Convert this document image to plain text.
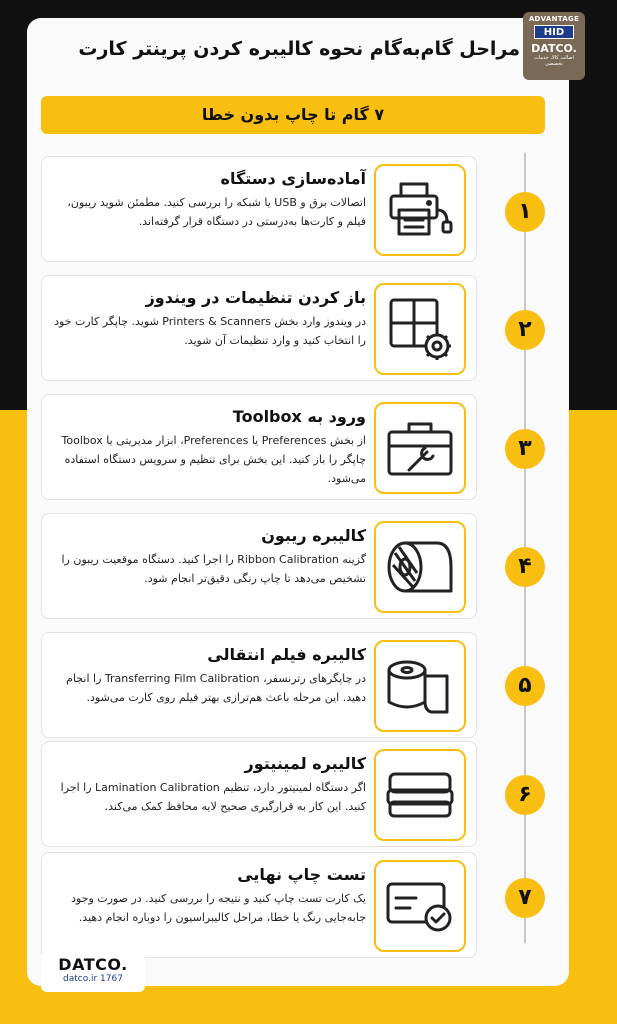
ADVANTAGE
HID
DATCO.
اصالت کالا، خدمات تخصصی
مراحل گام‌به‌گام نحوه کالیبره کردن پرینتر کارت
۷ گام تا چاپ بدون خطا
آماده‌سازی دستگاه
اتصالات برق و USB یا شبکه را بررسی کنید. مطمئن شوید ریبون، فیلم و کارت‌ها به‌درستی در دستگاه قرار گرفته‌اند.	۱
باز کردن تنظیمات در ویندوز
در ویندوز وارد بخش Printers & Scanners شوید. چاپگر کارت خود را انتخاب کنید و وارد تنظیمات آن شوید.	۲
ورود به Toolbox
از بخش Preferences یا Preferences، ابزار مدیریتی یا Toolbox چاپگر را باز کنید. این بخش برای تنظیم و سرویس دستگاه استفاده می‌شود.
۳
کالیبره ریبون
گزینه Ribbon Calibration را اجرا کنید. دستگاه موقعیت ریبون را تشخیص می‌دهد تا چاپ رنگی دقیق‌تر انجام شود.	۴
کالیبره فیلم انتقالی
در چاپگرهای رترنسفر، Transferring Film Calibration را انجام دهید. این مرحله باعث هم‌ترازی بهتر فیلم روی کارت می‌شود.	۵
کالیبره لمینیتور
اگر دستگاه لمینیتور دارد، تنظیم Lamination Calibration را اجرا کنید. این کار به قرارگیری صحیح لایه محافظ کمک می‌کند.	۶
تست چاپ نهایی
یک کارت تست چاپ کنید و نتیجه را بررسی کنید. در صورت وجود جابه‌جایی رنگ یا خطا، مراحل کالیبراسیون را دوباره انجام دهید.
۷
DATCO.
datco.ir 1767
